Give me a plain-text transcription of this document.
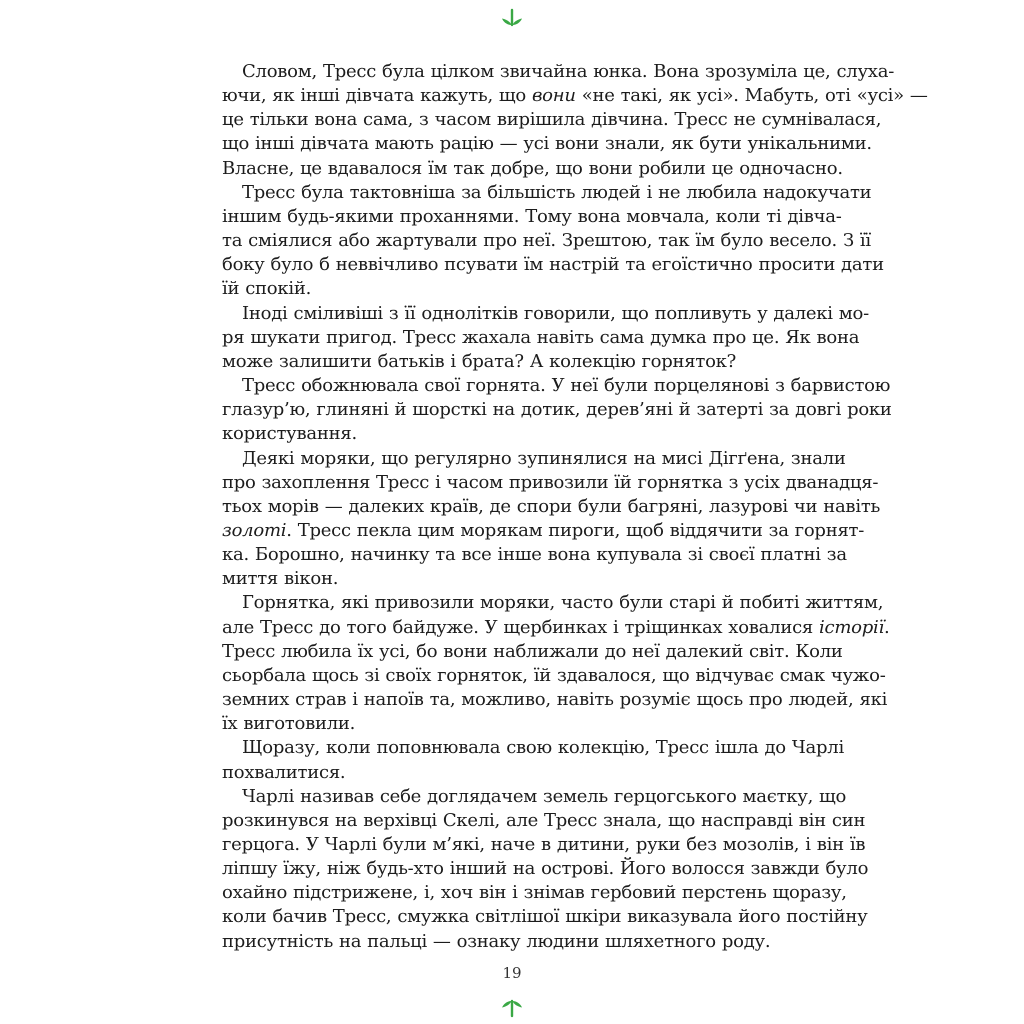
Словом, Тресс була цілком звичайна юнка. Вона зрозуміла це, слуха-
ючи, як інші дівчата кажуть, що вони «не такі, як усі». Мабуть, оті «усі» —
це тільки вона сама, з часом вирішила дівчина. Тресс не сумнівалася,
що інші дівчата мають рацію — усі вони знали, як бути унікальними.
Власне, це вдавалося їм так добре, що вони робили це одночасно.

Тресс була тактовніша за більшість людей і не любила надокучати
іншим будь-якими проханнями. Тому вона мовчала, коли ті дівча-
та сміялися або жартували про неї. Зрештою, так їм було весело. З її
боку було б неввічливо псувати їм настрій та егоїстично просити дати
їй спокій.

Іноді сміливіші з її однолітків говорили, що попливуть у далекі мо-
ря шукати пригод. Тресс жахала навіть сама думка про це. Як вона
може залишити батьків і брата? А колекцію горняток?

Тресс обожнювала свої горнята. У неї були порцелянові з барвистою
глазур’ю, глиняні й шорсткі на дотик, дерев’яні й затерті за довгі роки
користування.

Деякі моряки, що регулярно зупинялися на мисі Дігґена, знали
про захоплення Тресс і часом привозили їй горнятка з усіх дванадця-
тьох морів — далеких країв, де спори були багряні, лазурові чи навіть
золоті. Тресс пекла цим морякам пироги, щоб віддячити за горнят-
ка. Борошно, начинку та все інше вона купувала зі своєї платні за
миття вікон.

Горнятка, які привозили моряки, часто були старі й побиті життям,
але Тресс до того байдуже. У щербинках і тріщинках ховалися історії.
Тресс любила їх усі, бо вони наближали до неї далекий світ. Коли
сьорбала щось зі своїх горняток, їй здавалося, що відчуває смак чужо-
земних страв і напоїв та, можливо, навіть розуміє щось про людей, які
їх виготовили.

Щоразу, коли поповнювала свою колекцію, Тресс ішла до Чарлі
похвалитися.

Чарлі називав себе доглядачем земель герцогського маєтку, що
розкинувся на верхівці Скелі, але Тресс знала, що насправді він син
герцога. У Чарлі були м’які, наче в дитини, руки без мозолів, і він їв
ліпшу їжу, ніж будь-хто інший на острові. Його волосся завжди було
охайно підстрижене, і, хоч він і знімав гербовий перстень щоразу,
коли бачив Тресс, смужка світлішої шкіри виказувала його постійну
присутність на пальці — ознаку людини шляхетного роду.

19
